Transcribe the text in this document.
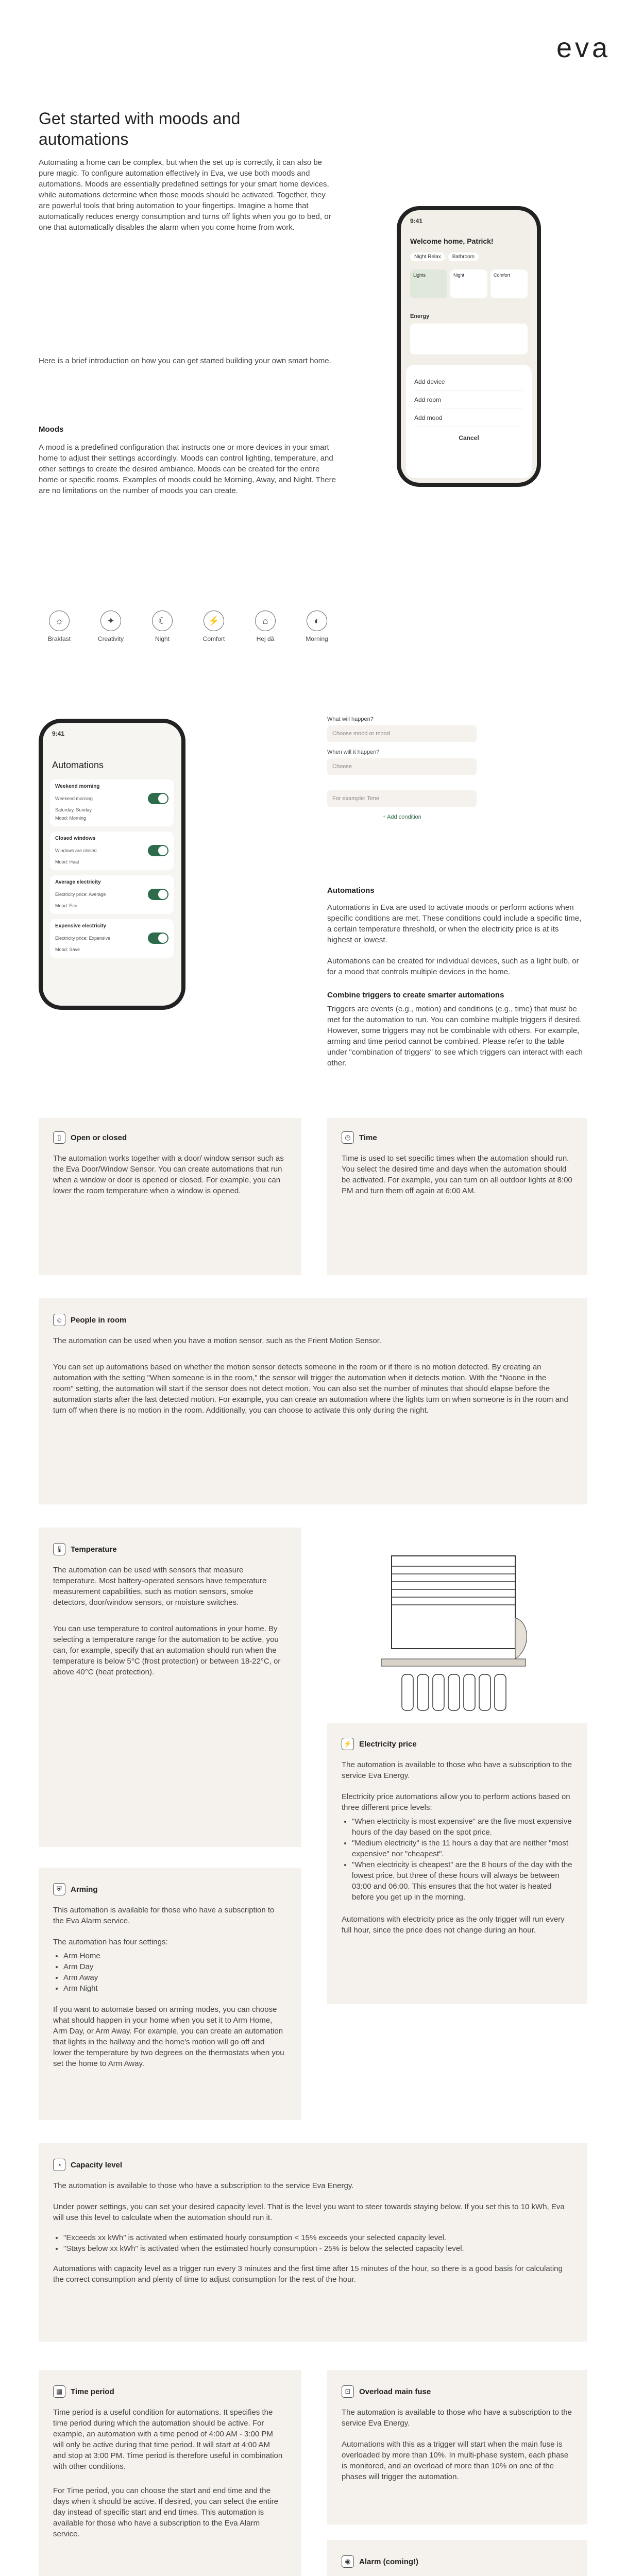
eva
Get started with moods and automations

Automating a home can be complex, but when the set up is correctly, it can also be pure magic. To configure automation effectively in Eva, we use both moods and automations. Moods are essentially predefined settings for your smart home devices, while automations determine when those moods should be activated. Together, they are powerful tools that bring automation to your fingertips. Imagine a home that automatically reduces energy consumption and turns off lights when you go to bed, or one that automatically disables the alarm when you come home from work.

Here is a brief introduction on how you can get started building your own smart home.

Moods

A mood is a predefined configuration that instructs one or more devices in your smart home to adjust their settings accordingly. Moods can control lighting, temperature, and other settings to create the desired ambiance. Moods can be created for the entire home or specific rooms. Examples of moods could be Morning, Away, and Night. There are no limitations on the number of moods you can create.

☼
Brakfast
✦
Creativity
☾
Night
⚡
Comfort
⌂
Hej då
◐
Morning
9:41
Welcome home, Patrick!
Night Relax	Bathroom
Lights	Night	Comfort
Energy
Add device
Add room
Add mood
Cancel
9:41
Automations
Weekend morning
Weekend morning
Saturday, Sunday
Mood: Morning
Closed windows
Windows are closed
Mood: Heat
Average electricity
Electricity price: Average
Mood: Eco
Expensive electricity
Electricity price: Expensive
Mood: Save
What will happen?
Choose mood or mood
When will it happen?
Choose
For example: Time
+ Add condition
Automations

Automations in Eva are used to activate moods or perform actions when specific conditions are met. These conditions could include a specific time, a certain temperature threshold, or when the electricity price is at its highest or lowest.

Automations can be created for individual devices, such as a light bulb, or for a mood that controls multiple devices in the home.

Combine triggers to create smarter automations

Triggers are events (e.g., motion) and conditions (e.g., time) that must be met for the automation to run. You can combine multiple triggers if desired. However, some triggers may not be combinable with others. For example, arming and time period cannot be combined. Please refer to the table under "combination of triggers" to see which triggers can interact with each other.

▯	Open or closed

The automation works together with a door/ window sensor such as the Eva Door/Window Sensor. You can create automations that run when a window or door is opened or closed. For example, you can lower the room temperature when a window is opened.

◷	Time

Time is used to set specific times when the automation should run. You select the desired time and days when the automation should be activated. For example, you can turn on all outdoor lights at 8:00 PM and turn them off again at 6:00 AM.

☺	People in room

The automation can be used when you have a motion sensor, such as the Frient Motion Sensor.

You can set up automations based on whether the motion sensor detects someone in the room or if there is no motion detected. By creating an automation with the setting "When someone is in the room," the sensor will trigger the automation when it detects motion. With the "Noone in the room" setting, the automation will start if the sensor does not detect motion. You can also set the number of minutes that should elapse before the automation starts after the last detected motion. For example, you can create an automation where the lights turn on when someone is in the room and turn off when there is no motion in the room. Additionally, you can choose to activate this only during the night.

🌡 Temperature

The automation can be used with sensors that measure temperature. Most battery-operated sensors have temperature measurement capabilities, such as motion sensors, smoke detectors, door/window sensors, or moisture switches.

You can use temperature to control automations in your home. By selecting a temperature range for the automation to be active, you can, for example, specify that an automation should run when the temperature is below 5°C (frost protection) or between 18-22°C, or above 40°C (heat protection).

⚡ Electricity price

The automation is available to those who have a subscription to the service Eva Energy.

Electricity price automations allow you to perform actions based on three different price levels:

• "When electricity is most expensive" are the five most expensive hours of the day based on the spot price.
• "Medium electricity" is the 11 hours a day that are neither "most expensive" nor "cheapest".
• "When electricity is cheapest" are the 8 hours of the day with the lowest price, but three of these hours will always be between 03:00 and 06:00. This ensures that the hot water is heated before you get up in the morning.

Automations with electricity price as the only trigger will run every full hour, since the price does not change during an hour.

⛨	Arming

This automation is available for those who have a subscription to the Eva Alarm service.

The automation has four settings:

• Arm Home
• Arm Day
• Arm Away
• Arm Night

If you want to automate based on arming modes, you can choose what should happen in your home when you set it to Arm Home, Arm Day, or Arm Away. For example, you can create an automation that lights in the hallway and the home's motion will go off and lower the temperature by two degrees on the thermostats when you set the home to Arm Away.

◔	Capacity level

The automation is available to those who have a subscription to the service Eva Energy.

Under power settings, you can set your desired capacity level. That is the level you want to steer towards staying below. If you set this to 10 kWh, Eva will use this level to calculate when the automation should run it.

• "Exceeds xx kWh" is activated when estimated hourly consumption < 15% exceeds your selected capacity level.
• "Stays below xx kWh" is activated when the estimated hourly consumption - 25% is below the selected capacity level.

Automations with capacity level as a trigger run every 3 minutes and the first time after 15 minutes of the hour, so there is a good basis for calculating the correct consumption and plenty of time to adjust consumption for the rest of the hour.

▦	Time period

Time period is a useful condition for automations. It specifies the time period during which the automation should be active. For example, an automation with a time period of 4:00 AM - 3:00 PM will only be active during that time period. It will start at 4:00 AM and stop at 3:00 PM. Time period is therefore useful in combination with other conditions.

For Time period, you can choose the start and end time and the days when it should be active. If desired, you can select the entire day instead of specific start and end times. This automation is available for those who have a subscription to the Eva Alarm service.

⊡	Overload main fuse

The automation is available to those who have a subscription to the service Eva Energy.

Automations with this as a trigger will start when the main fuse is overloaded by more than 10%. In multi-phase system, each phase is monitored, and an overload of more than 10% on one of the phases will trigger the automation.

◉	Alarm (coming!)
